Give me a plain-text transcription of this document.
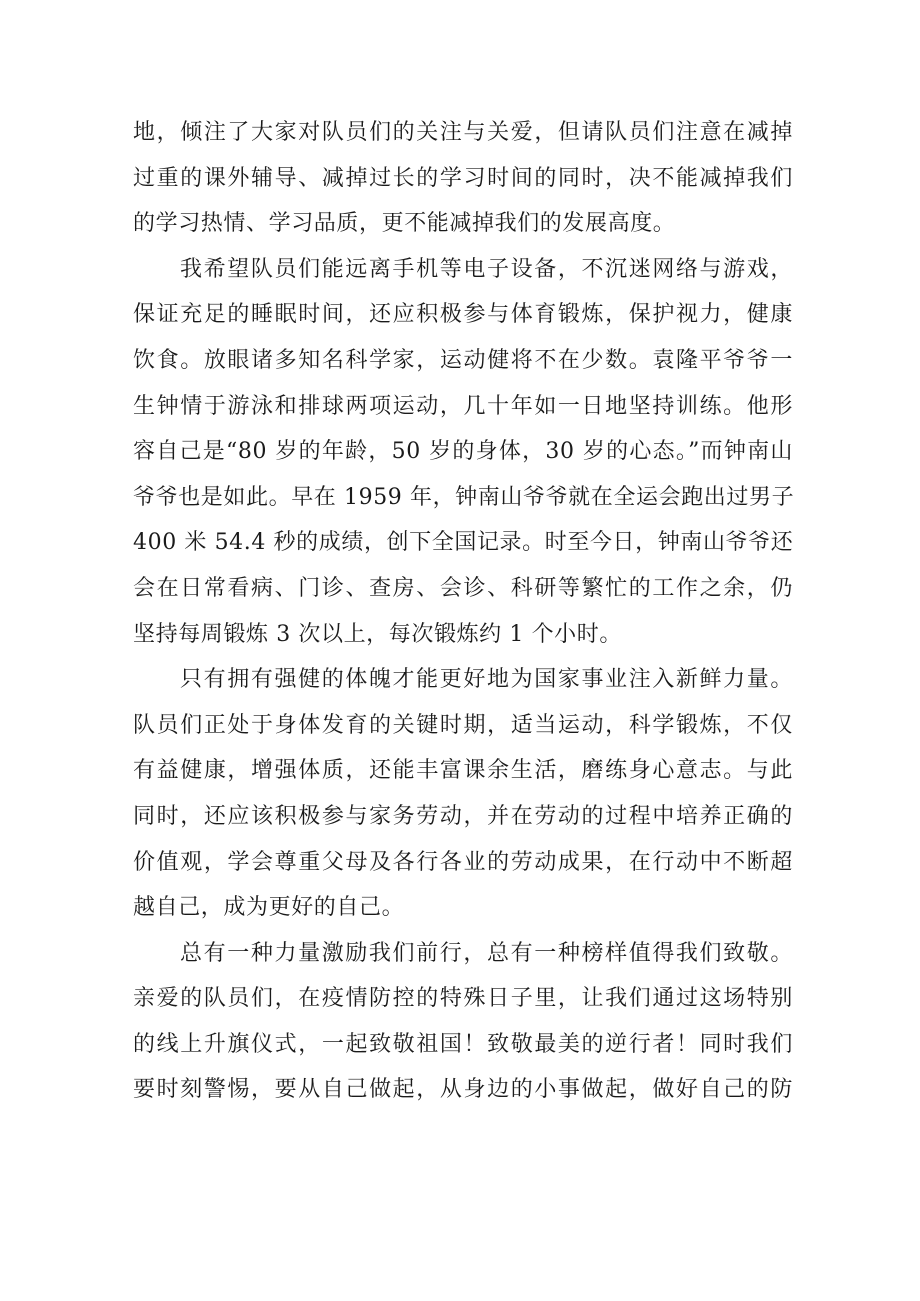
地，倾注了大家对队员们的关注与关爱，但请队员们注意在减掉
过重的课外辅导、减掉过长的学习时间的同时，决不能减掉我们
的学习热情、学习品质，更不能减掉我们的发展高度。

我希望队员们能远离手机等电子设备，不沉迷网络与游戏，
保证充足的睡眠时间，还应积极参与体育锻炼，保护视力，健康
饮食。放眼诸多知名科学家，运动健将不在少数。袁隆平爷爷一
生钟情于游泳和排球两项运动，几十年如一日地坚持训练。他形
容自己是“80 岁的年龄，50 岁的身体，30 岁的心态。”而钟南山
爷爷也是如此。早在 1959 年，钟南山爷爷就在全运会跑出过男子
400 米 54.4 秒的成绩，创下全国记录。时至今日，钟南山爷爷还
会在日常看病、门诊、查房、会诊、科研等繁忙的工作之余，仍
坚持每周锻炼 3 次以上，每次锻炼约 1 个小时。

只有拥有强健的体魄才能更好地为国家事业注入新鲜力量。
队员们正处于身体发育的关键时期，适当运动，科学锻炼，不仅
有益健康，增强体质，还能丰富课余生活，磨练身心意志。与此
同时，还应该积极参与家务劳动，并在劳动的过程中培养正确的
价值观，学会尊重父母及各行各业的劳动成果，在行动中不断超
越自己，成为更好的自己。

总有一种力量激励我们前行，总有一种榜样值得我们致敬。
亲爱的队员们，在疫情防控的特殊日子里，让我们通过这场特别
的线上升旗仪式，一起致敬祖国！致敬最美的逆行者！同时我们
要时刻警惕，要从自己做起，从身边的小事做起，做好自己的防
